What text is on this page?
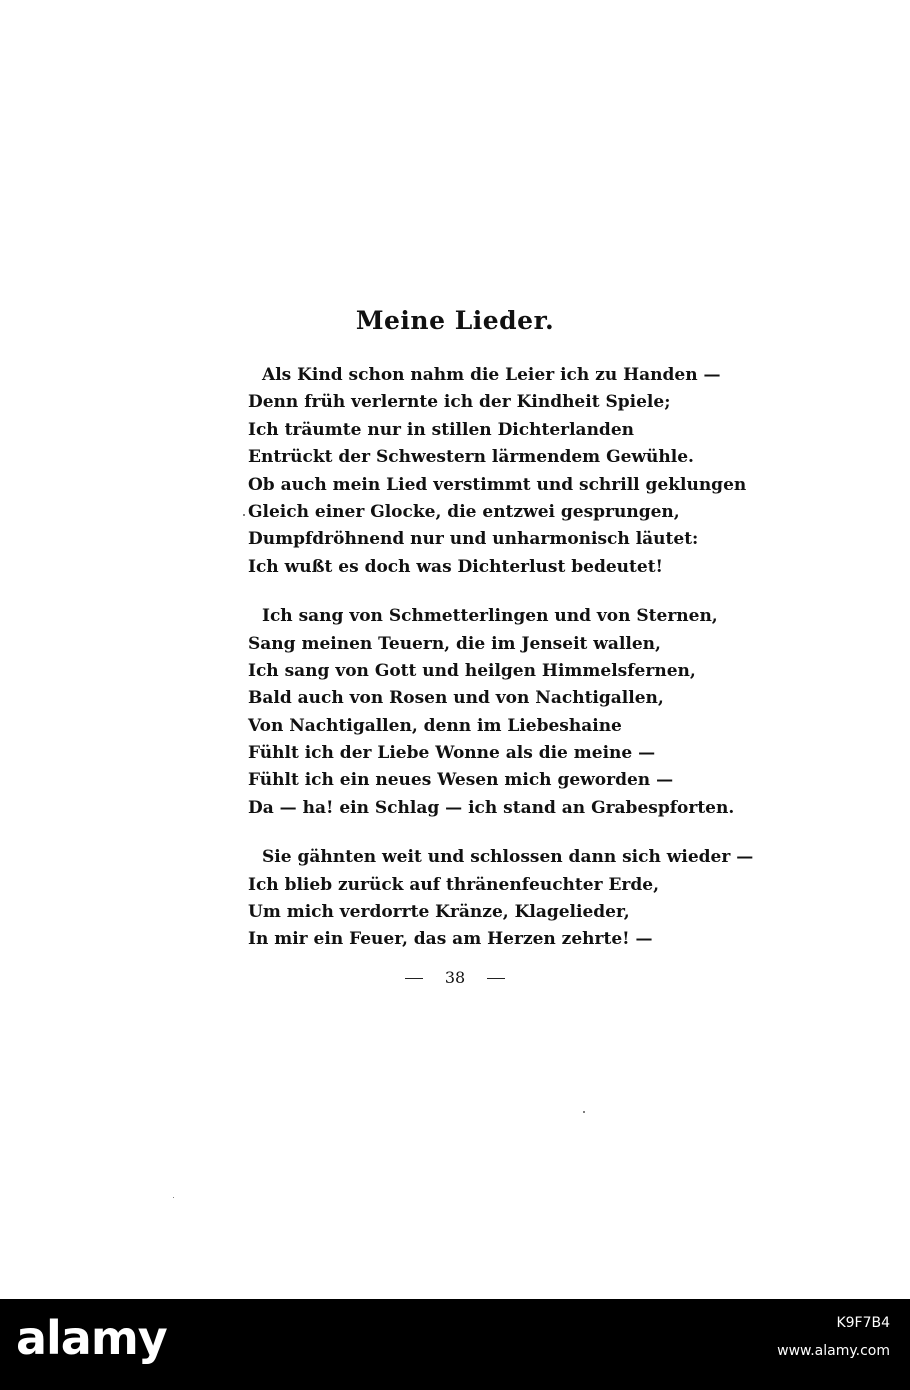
Meine Lieder.
Als Kind schon nahm die Leier ich zu Handen —
Denn früh verlernte ich der Kindheit Spiele;
Ich träumte nur in stillen Dichterlanden
Entrückt der Schwestern lärmendem Gewühle.
Ob auch mein Lied verstimmt und schrill geklungen
Gleich einer Glocke, die entzwei gesprungen,
Dumpfdröhnend nur und unharmonisch läutet:
Ich wußt es doch was Dichterlust bedeutet!
Ich sang von Schmetterlingen und von Sternen,
Sang meinen Teuern, die im Jenseit wallen,
Ich sang von Gott und heilgen Himmelsfernen,
Bald auch von Rosen und von Nachtigallen,
Von Nachtigallen, denn im Liebeshaine
Fühlt ich der Liebe Wonne als die meine —
Fühlt ich ein neues Wesen mich geworden —
Da — ha! ein Schlag — ich stand an Grabespforten.
Sie gähnten weit und schlossen dann sich wieder —
Ich blieb zurück auf thränenfeuchter Erde,
Um mich verdorrte Kränze, Klagelieder,
In mir ein Feuer, das am Herzen zehrte! —
38
alamy	K9F7B4
www.alamy.com
